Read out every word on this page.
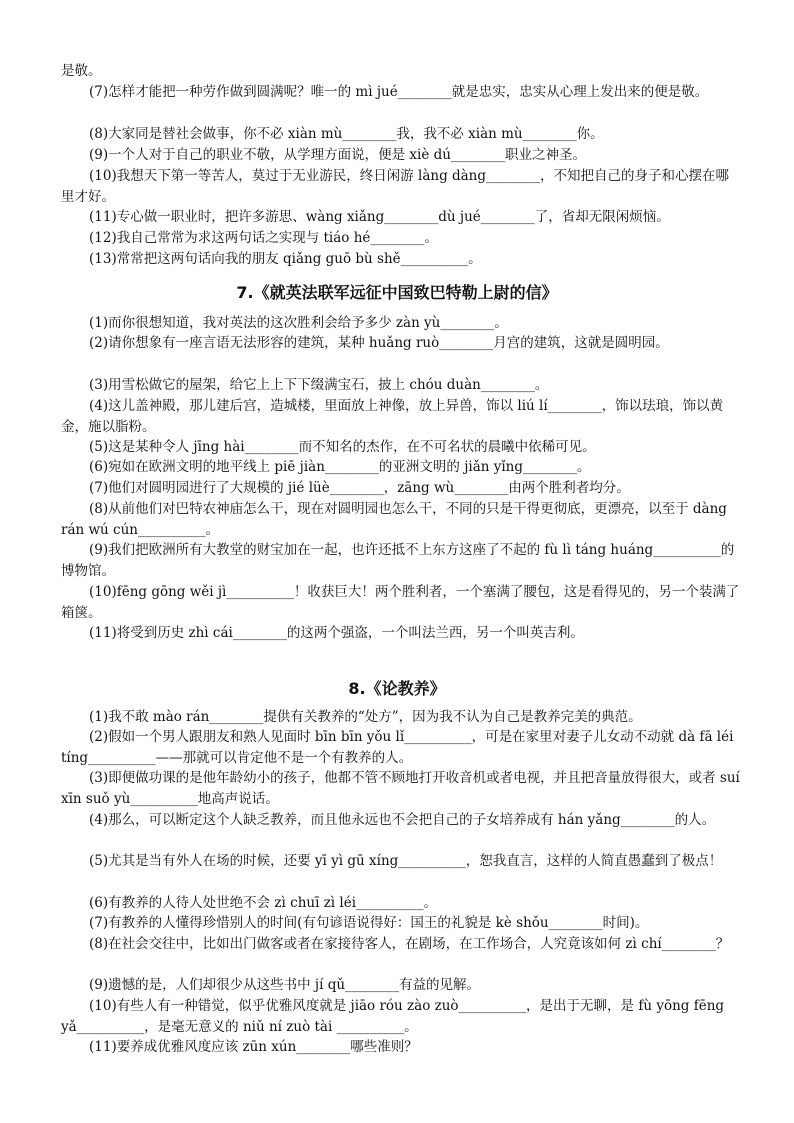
是敬。

(7)怎样才能把一种劳作做到圆满呢？唯一的 mì jué________就是忠实，忠实从心理上发出来的便是敬。

(8)大家同是替社会做事，你不必 xiàn mù________我，我不必 xiàn mù________你。

(9)一个人对于自己的职业不敬，从学理方面说，便是 xiè dú________职业之神圣。

(10)我想天下第一等苦人，莫过于无业游民，终日闲游 làng dàng________，不知把自己的身子和心摆在哪里才好。

(11)专心做一职业时，把许多游思、wàng xiǎng________dù jué________了，省却无限闲烦恼。

(12)我自己常常为求这两句话之实现与 tiáo hé________。

(13)常常把这两句话向我的朋友 qiǎng guō bù shě__________。

7.《就英法联军远征中国致巴特勒上尉的信》

(1)而你很想知道，我对英法的这次胜利会给予多少 zàn yù________。

(2)请你想象有一座言语无法形容的建筑，某种 huǎng ruò________月宫的建筑，这就是圆明园。

(3)用雪松做它的屋架，给它上上下下缀满宝石，披上 chóu duàn________。

(4)这儿盖神殿，那儿建后宫，造城楼，里面放上神像，放上异兽，饰以 liú lí________，饰以珐琅，饰以黄金，施以脂粉。

(5)这是某种令人 jīng hài________而不知名的杰作，在不可名状的晨曦中依稀可见。

(6)宛如在欧洲文明的地平线上 piē jiàn________的亚洲文明的 jiǎn yǐng________。

(7)他们对圆明园进行了大规模的 jié lüè________，zāng wù________由两个胜利者均分。

(8)从前他们对巴特农神庙怎么干，现在对圆明园也怎么干，不同的只是干得更彻底，更漂亮，以至于 dàng rán wú cún__________。

(9)我们把欧洲所有大教堂的财宝加在一起，也许还抵不上东方这座了不起的 fù lì táng huáng__________的博物馆。

(10)fēng gōng wěi jì__________！收获巨大！两个胜利者，一个塞满了腰包，这是看得见的，另一个装满了箱箧。

(11)将受到历史 zhì cái________的这两个强盗，一个叫法兰西，另一个叫英吉利。

8.《论教养》

(1)我不敢 mào rán________提供有关教养的“处方”，因为我不认为自己是教养完美的典范。

(2)假如一个男人跟朋友和熟人见面时 bīn bīn yǒu lǐ__________，可是在家里对妻子儿女动不动就 dà fā léi tíng__________——那就可以肯定他不是一个有教养的人。

(3)即便做功课的是他年龄幼小的孩子，他都不管不顾地打开收音机或者电视，并且把音量放得很大，或者 suí xīn suǒ yù__________地高声说话。

(4)那么，可以断定这个人缺乏教养，而且他永远也不会把自己的子女培养成有 hán yǎng________的人。

(5)尤其是当有外人在场的时候，还要 yī yì gū xíng__________，恕我直言，这样的人简直愚蠢到了极点！

(6)有教养的人待人处世绝不会 zì chuī zì léi__________。

(7)有教养的人懂得珍惜别人的时间(有句谚语说得好：国王的礼貌是 kè shǒu________时间)。

(8)在社会交往中，比如出门做客或者在家接待客人，在剧场，在工作场合，人究竟该如何 zì chí________？

(9)遗憾的是，人们却很少从这些书中 jí qǔ________有益的见解。

(10)有些人有一种错觉，似乎优雅风度就是 jiāo róu zào zuò__________，是出于无聊，是 fù yōng fēng yǎ__________，是毫无意义的 niǔ ní zuò tài __________。

(11)要养成优雅风度应该 zūn xún________哪些准则？
